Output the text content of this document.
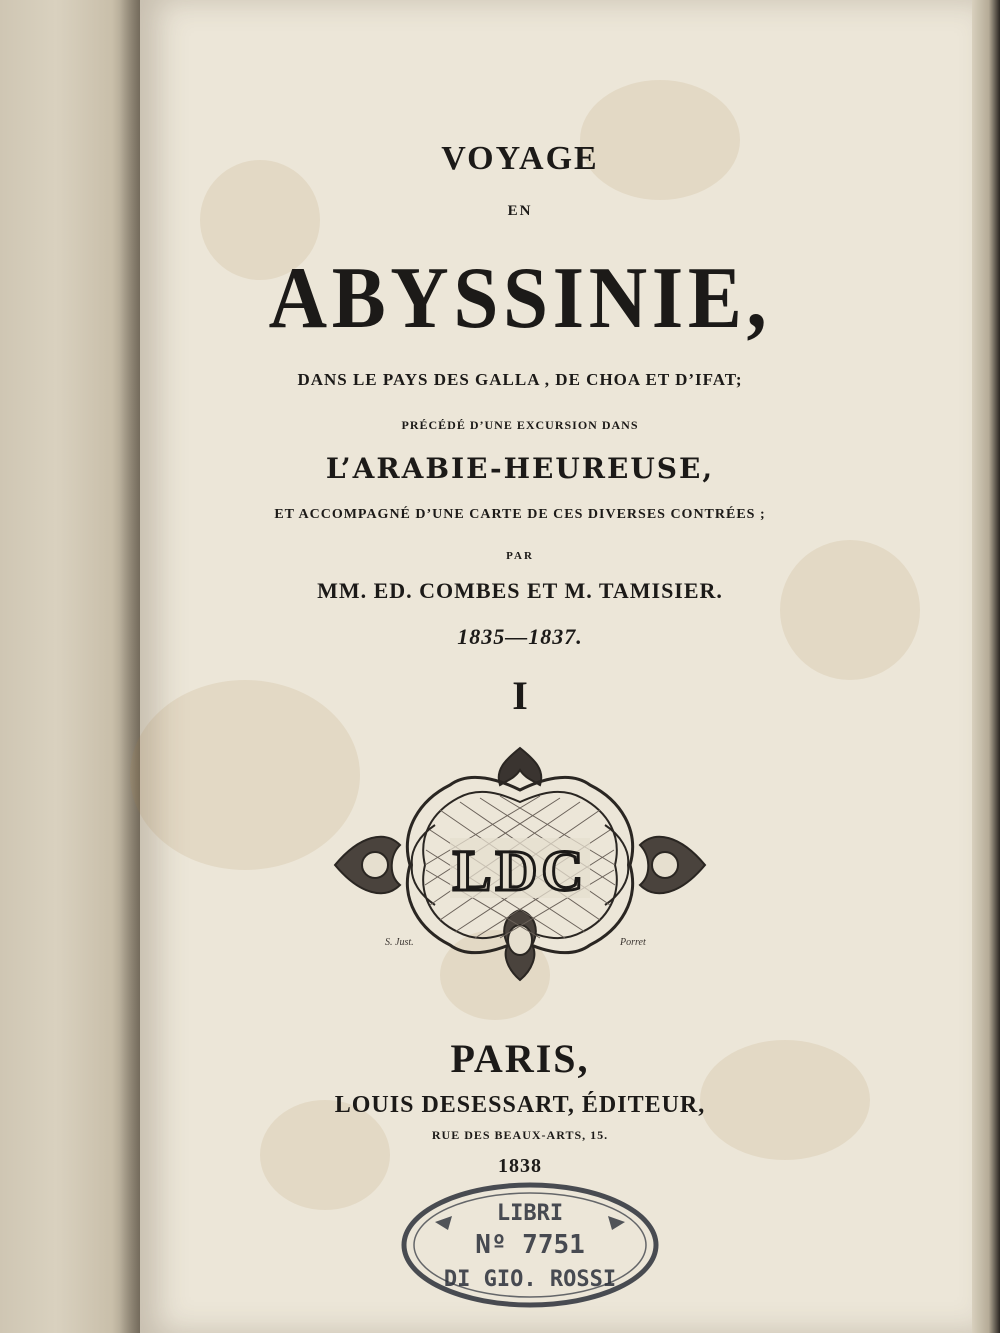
VOYAGE
EN
ABYSSINIE,
DANS LE PAYS DES GALLA , DE CHOA ET D’IFAT;
PRÉCÉDÉ D’UNE EXCURSION DANS
L’ARABIE-HEUREUSE,
ET ACCOMPAGNÉ D’UNE CARTE DE CES DIVERSES CONTRÉES ;
PAR
MM. ED. COMBES ET M. TAMISIER.
1835—1837.
I
LDC
S. Just.	Porret
PARIS,
LOUIS DESESSART, ÉDITEUR,
RUE DES BEAUX-ARTS, 15.
1838
LIBRI
Nº 7751
DI GIO. ROSSI
